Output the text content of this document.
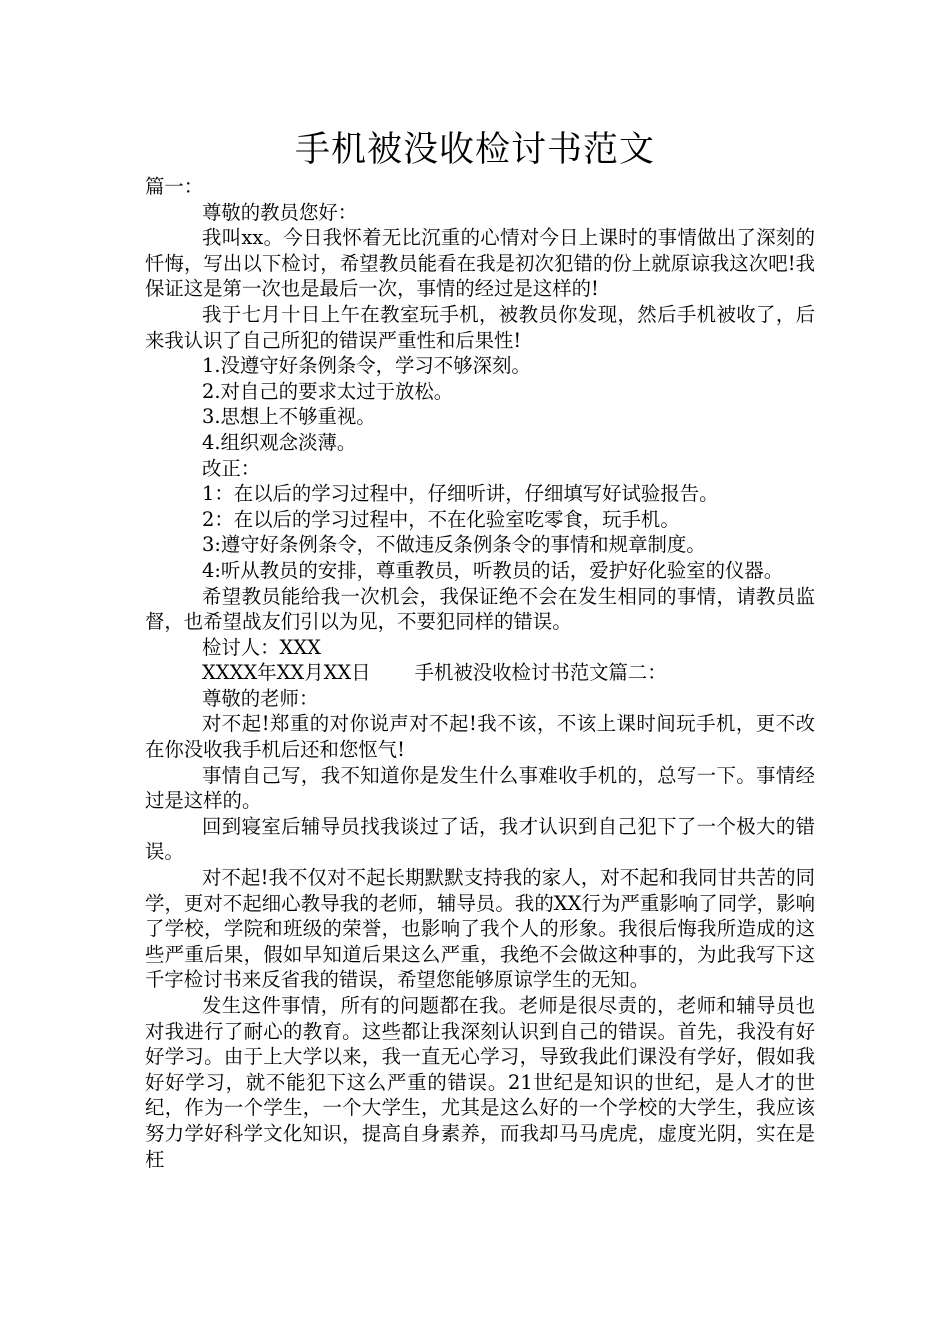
手机被没收检讨书范文

篇一：

尊敬的教员您好：

我叫xx。今日我怀着无比沉重的心情对今日上课时的事情做出了深刻的忏悔，写出以下检讨，希望教员能看在我是初次犯错的份上就原谅我这次吧!我保证这是第一次也是最后一次，事情的经过是这样的!

我于七月十日上午在教室玩手机，被教员你发现，然后手机被收了，后来我认识了自己所犯的错误严重性和后果性!

1.没遵守好条例条令，学习不够深刻。

2.对自己的要求太过于放松。

3.思想上不够重视。

4.组织观念淡薄。

改正：

1：在以后的学习过程中，仔细听讲，仔细填写好试验报告。

2：在以后的学习过程中，不在化验室吃零食，玩手机。

3:遵守好条例条令，不做违反条例条令的事情和规章制度。

4:听从教员的安排，尊重教员，听教员的话，爱护好化验室的仪器。

希望教员能给我一次机会，我保证绝不会在发生相同的事情，请教员监督，也希望战友们引以为见，不要犯同样的错误。

检讨人：XXX

XXXX年XX月XX日 手机被没收检讨书范文篇二：

尊敬的老师：

对不起!郑重的对你说声对不起!我不该，不该上课时间玩手机，更不改在你没收我手机后还和您怄气!

事情自己写，我不知道你是发生什么事难收手机的，总写一下。事情经过是这样的。

回到寝室后辅导员找我谈过了话，我才认识到自己犯下了一个极大的错误。

对不起!我不仅对不起长期默默支持我的家人，对不起和我同甘共苦的同学，更对不起细心教导我的老师，辅导员。我的XX行为严重影响了同学，影响了学校，学院和班级的荣誉，也影响了我个人的形象。我很后悔我所造成的这些严重后果，假如早知道后果这么严重，我绝不会做这种事的，为此我写下这千字检讨书来反省我的错误，希望您能够原谅学生的无知。

发生这件事情，所有的问题都在我。老师是很尽责的，老师和辅导员也对我进行了耐心的教育。这些都让我深刻认识到自己的错误。首先，我没有好好学习。由于上大学以来，我一直无心学习，导致我此们课没有学好，假如我好好学习，就不能犯下这么严重的错误。21世纪是知识的世纪，是人才的世纪，作为一个学生，一个大学生，尤其是这么好的一个学校的大学生，我应该努力学好科学文化知识，提高自身素养，而我却马马虎虎，虚度光阴，实在是枉
